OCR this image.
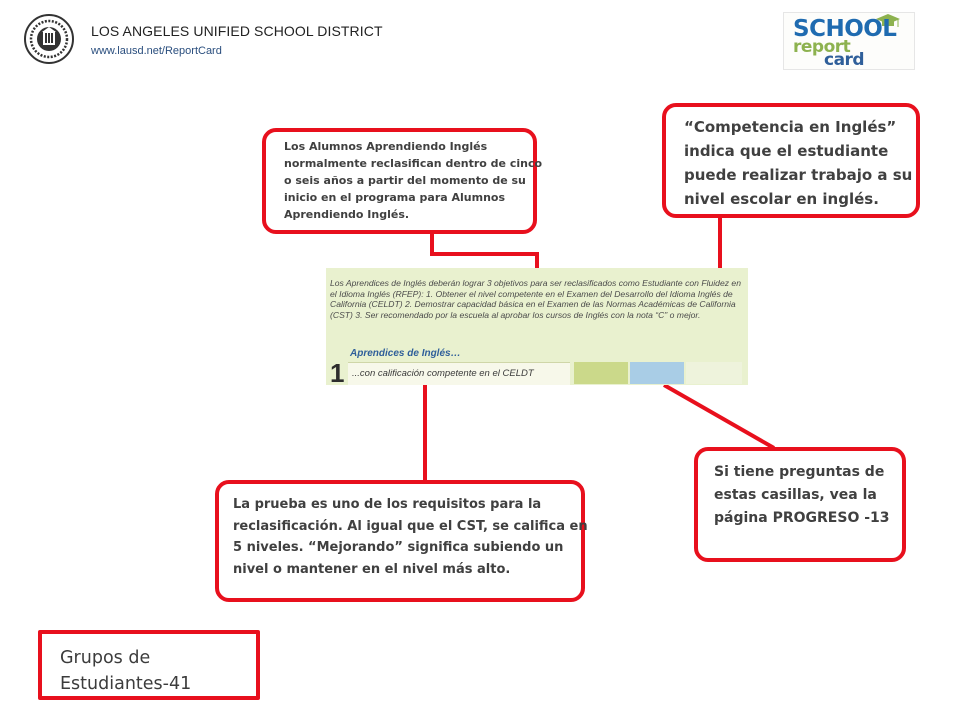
LOS ANGELES UNIFIED SCHOOL DISTRICT
www.lausd.net/ReportCard
SCHOOL
report
card
Los Aprendices de Inglés deberán lograr 3 objetivos para ser reclasificados como Estudiante con Fluidez en el Idioma Inglés (RFEP): 1. Obtener el nivel competente en el Examen del Desarrollo del Idioma Inglés de California (CELDT) 2. Demostrar capacidad básica en el Examen de las Normas Académicas de California (CST) 3. Ser recomendado por la escuela al aprobar los cursos de Inglés con la nota “C” o mejor.
Aprendices de Inglés…
1 ...con calificación competente en el CELDT

Los Alumnos Aprendiendo Inglés normalmente reclasifican dentro de cinco o seis años a partir del momento de su inicio en el programa para Alumnos Aprendiendo Inglés.

“Competencia en Inglés” indica que el estudiante puede realizar trabajo a su nivel escolar en inglés.

La prueba es uno de los requisitos para la reclasificación. Al igual que el CST, se califica en 5 niveles. “Mejorando” significa subiendo un nivel o mantener en el nivel más alto.

Si tiene preguntas de estas casillas, vea la página PROGRESO -13

Grupos de Estudiantes-41
